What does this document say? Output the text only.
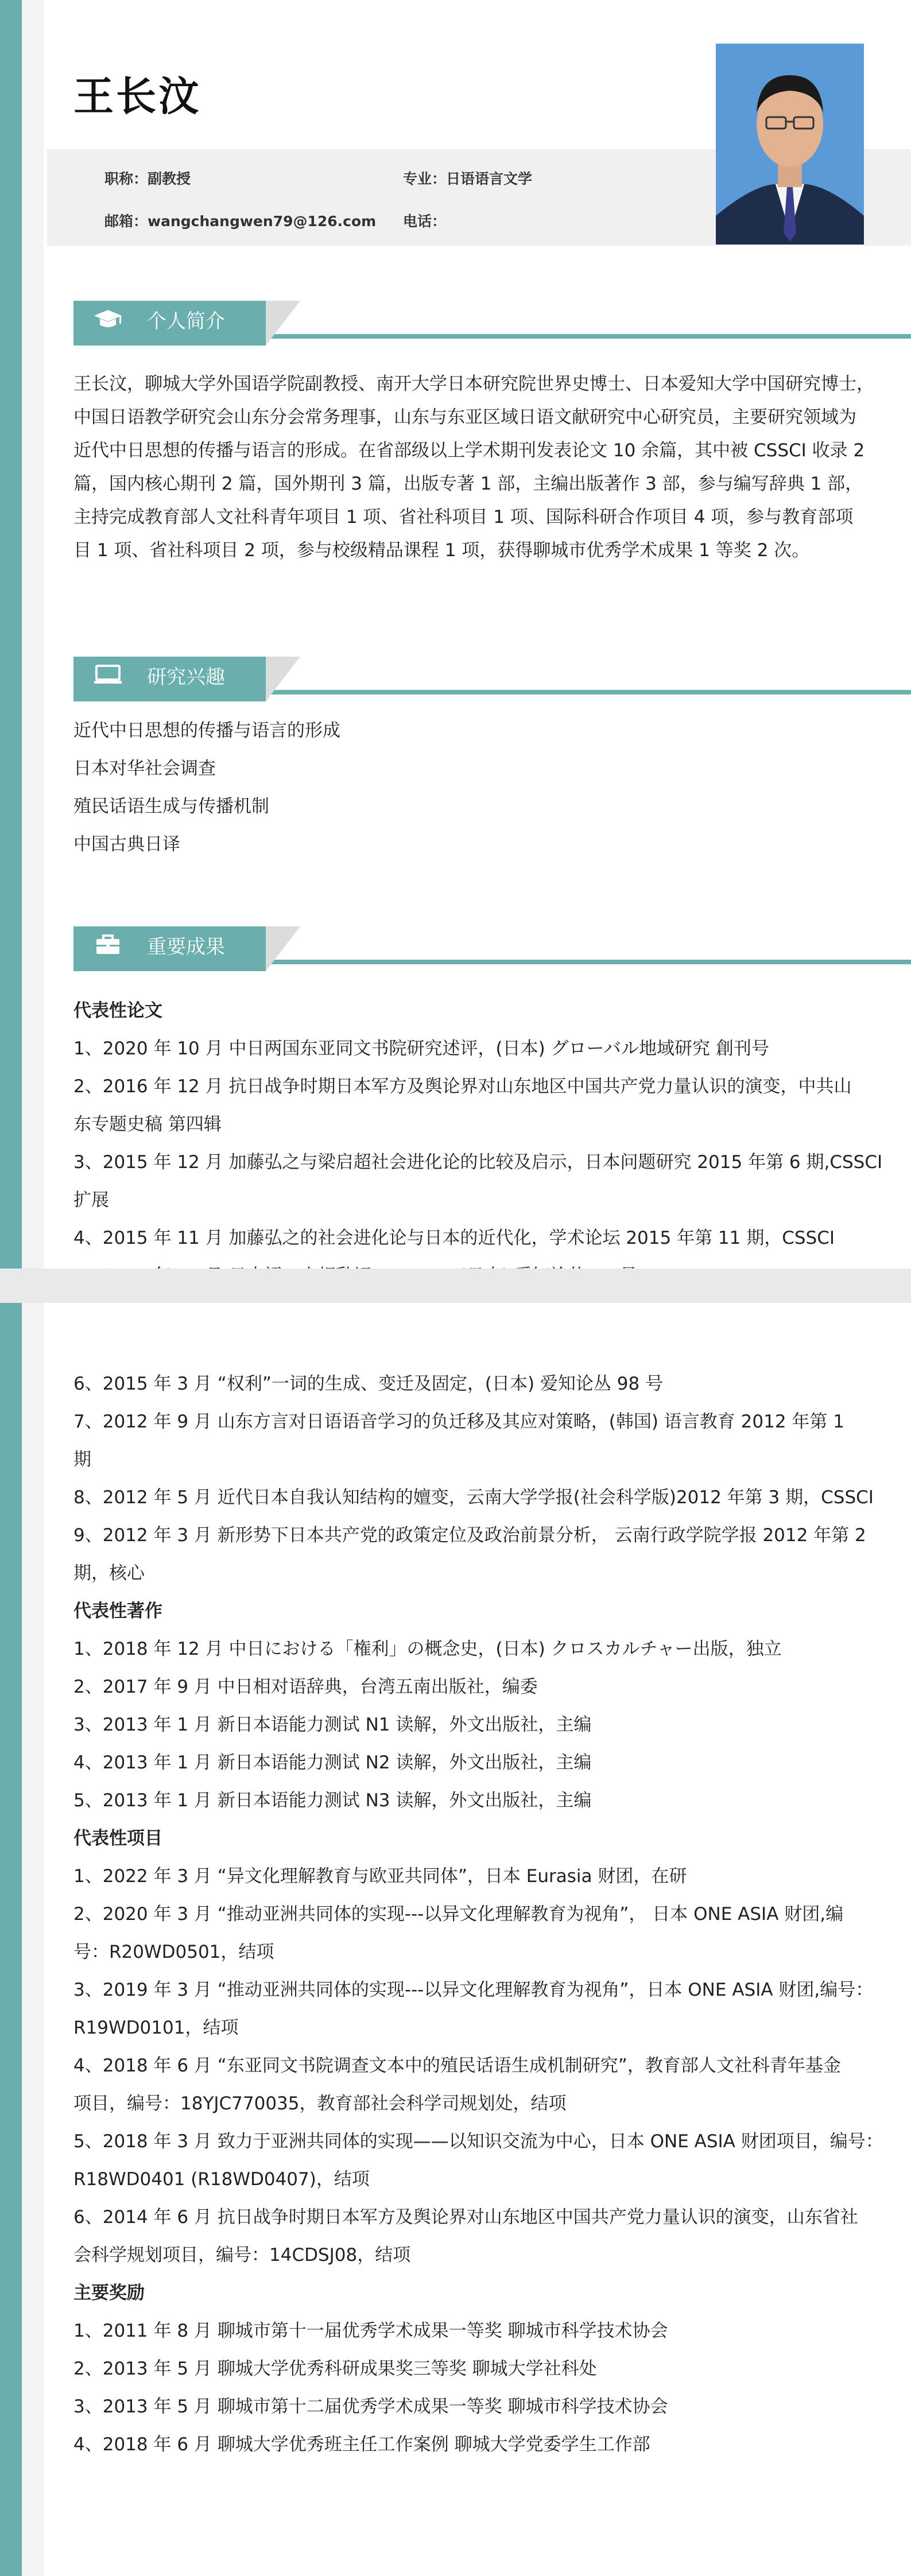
王长汶
职称：副教授	专业：日语语言文学
邮箱：wangchangwen79@126.com 电话：
个人简介
王长汶，聊城大学外国语学院副教授、南开大学日本研究院世界史博士、日本爱知大学中国研究博士，
中国日语教学研究会山东分会常务理事，山东与东亚区域日语文献研究中心研究员，主要研究领域为
近代中日思想的传播与语言的形成。在省部级以上学术期刊发表论文 10 余篇，其中被 CSSCI 收录 2
篇，国内核心期刊 2 篇，国外期刊 3 篇，出版专著 1 部，主编出版著作 3 部，参与编写辞典 1 部，
主持完成教育部人文社科青年项目 1 项、省社科项目 1 项、国际科研合作项目 4 项，参与教育部项
目 1 项、省社科项目 2 项，参与校级精品课程 1 项，获得聊城市优秀学术成果 1 等奖 2 次。
研究兴趣
近代中日思想的传播与语言的形成
日本对华社会调查
殖民话语生成与传播机制
中国古典日译
重要成果
代表性论文
1、2020 年 10 月 中日两国东亚同文书院研究述评，(日本) グローバル地域研究 創刊号
2、2016 年 12 月 抗日战争时期日本军方及舆论界对山东地区中国共产党力量认识的演变，中共山
东专题史稿 第四辑
3、2015 年 12 月 加藤弘之与梁启超社会进化论的比较及启示，日本问题研究 2015 年第 6 期,CSSCI
扩展
4、2015 年 11 月 加藤弘之的社会进化论与日本的近代化，学术论坛 2015 年第 11 期，CSSCI
6、2015 年 3 月 “权利”一词的生成、变迁及固定，(日本) 爱知论丛 98 号
7、2012 年 9 月 山东方言对日语语音学习的负迁移及其应对策略，(韩国) 语言教育 2012 年第 1
期
8、2012 年 5 月 近代日本自我认知结构的嬗变，云南大学学报(社会科学版)2012 年第 3 期，CSSCI
9、2012 年 3 月 新形势下日本共产党的政策定位及政治前景分析， 云南行政学院学报 2012 年第 2
期，核心
代表性著作
1、2018 年 12 月 中日における「権利」の概念史，(日本) クロスカルチャー出版，独立
2、2017 年 9 月 中日相对语辞典，台湾五南出版社，编委
3、2013 年 1 月 新日本语能力测试 N1 读解，外文出版社，主编
4、2013 年 1 月 新日本语能力测试 N2 读解，外文出版社，主编
5、2013 年 1 月 新日本语能力测试 N3 读解，外文出版社，主编
代表性项目
1、2022 年 3 月 “异文化理解教育与欧亚共同体”，日本 Eurasia 财团，在研
2、2020 年 3 月 “推动亚洲共同体的实现---以异文化理解教育为视角”， 日本 ONE ASIA 财团,编
号：R20WD0501，结项
3、2019 年 3 月 “推动亚洲共同体的实现---以异文化理解教育为视角”，日本 ONE ASIA 财团,编号：
R19WD0101，结项
4、2018 年 6 月 “东亚同文书院调查文本中的殖民话语生成机制研究”，教育部人文社科青年基金
项目，编号：18YJC770035，教育部社会科学司规划处，结项
5、2018 年 3 月 致力于亚洲共同体的实现——以知识交流为中心，日本 ONE ASIA 财团项目，编号：
R18WD0401 (R18WD0407)，结项
6、2014 年 6 月 抗日战争时期日本军方及舆论界对山东地区中国共产党力量认识的演变，山东省社
会科学规划项目，编号：14CDSJ08，结项
主要奖励
1、2011 年 8 月 聊城市第十一届优秀学术成果一等奖 聊城市科学技术协会
2、2013 年 5 月 聊城大学优秀科研成果奖三等奖 聊城大学社科处
3、2013 年 5 月 聊城市第十二届优秀学术成果一等奖 聊城市科学技术协会
4、2018 年 6 月 聊城大学优秀班主任工作案例 聊城大学党委学生工作部
